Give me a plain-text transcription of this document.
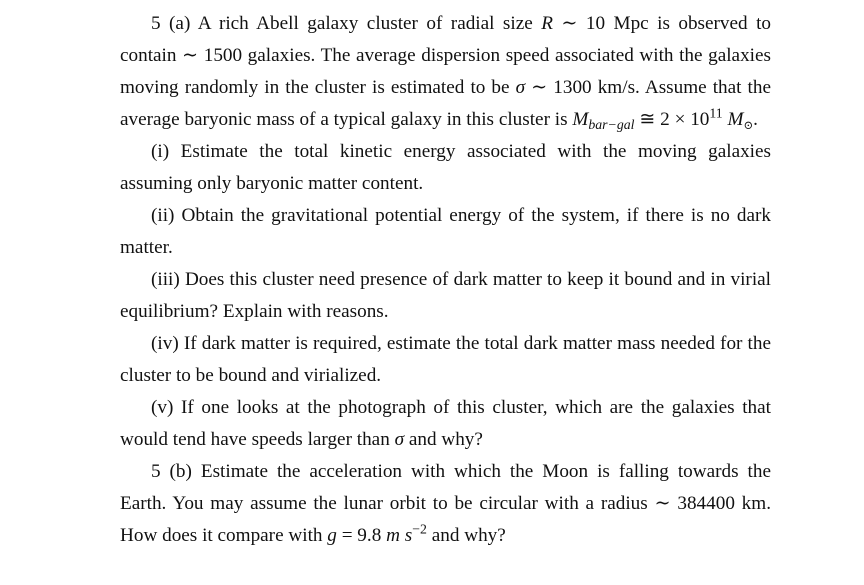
5 (a) A rich Abell galaxy cluster of radial size R ∼ 10 Mpc is observed to contain ∼ 1500 galaxies. The average dispersion speed associated with the galaxies moving randomly in the cluster is estimated to be σ ∼ 1300 km/s. Assume that the average baryonic mass of a typical galaxy in this cluster is $M_{bar-gal}$ ≅ $2 \times 10^{11}$ $M_⊙$.

(i) Estimate the total kinetic energy associated with the moving galaxies assuming only baryonic matter content.

(ii) Obtain the gravitational potential energy of the system, if there is no dark matter.

(iii) Does this cluster need presence of dark matter to keep it bound and in virial equilibrium? Explain with reasons.

(iv) If dark matter is required, estimate the total dark matter mass needed for the cluster to be bound and virialized.

(v) If one looks at the photograph of this cluster, which are the galaxies that would tend have speeds larger than σ and why?

5 (b) Estimate the acceleration with which the Moon is falling towards the Earth. You may assume the lunar orbit to be circular with a radius ∼ 384400 km. How does it compare with g = 9.8 m $s^{-2}$ and why?
